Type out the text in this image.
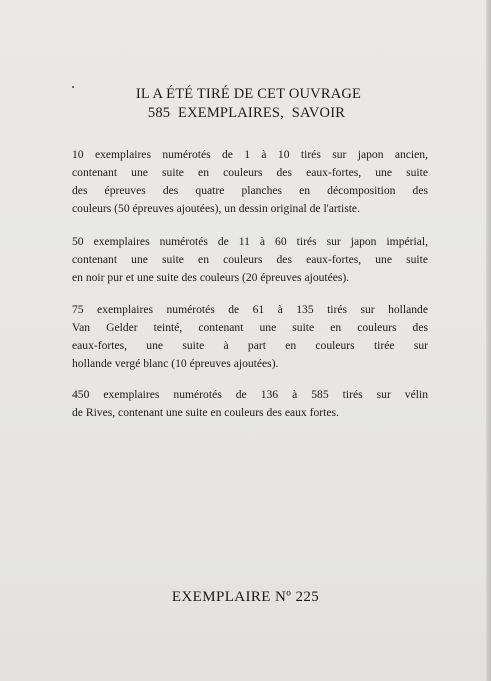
IL A ÉTÉ TIRÉ DE CET OUVRAGE
585 EXEMPLAIRES, SAVOIR
10 exemplaires numérotés de 1 à 10 tirés sur japon ancien,
contenant une suite en couleurs des eaux-fortes, une suite
des épreuves des quatre planches en décomposition des
couleurs (50 épreuves ajoutées), un dessin original de l'artiste.
50 exemplaires numérotés de 11 à 60 tirés sur japon impérial,
contenant une suite en couleurs des eaux-fortes, une suite
en noir pur et une suite des couleurs (20 épreuves ajoutées).
75 exemplaires numérotés de 61 à 135 tirés sur hollande
Van Gelder teinté, contenant une suite en couleurs des
eaux-fortes, une suite à part en couleurs tirée sur
hollande vergé blanc (10 épreuves ajoutées).
450 exemplaires numérotés de 136 à 585 tirés sur vélin
de Rives, contenant une suite en couleurs des eaux fortes.
EXEMPLAIRE Nº 225
